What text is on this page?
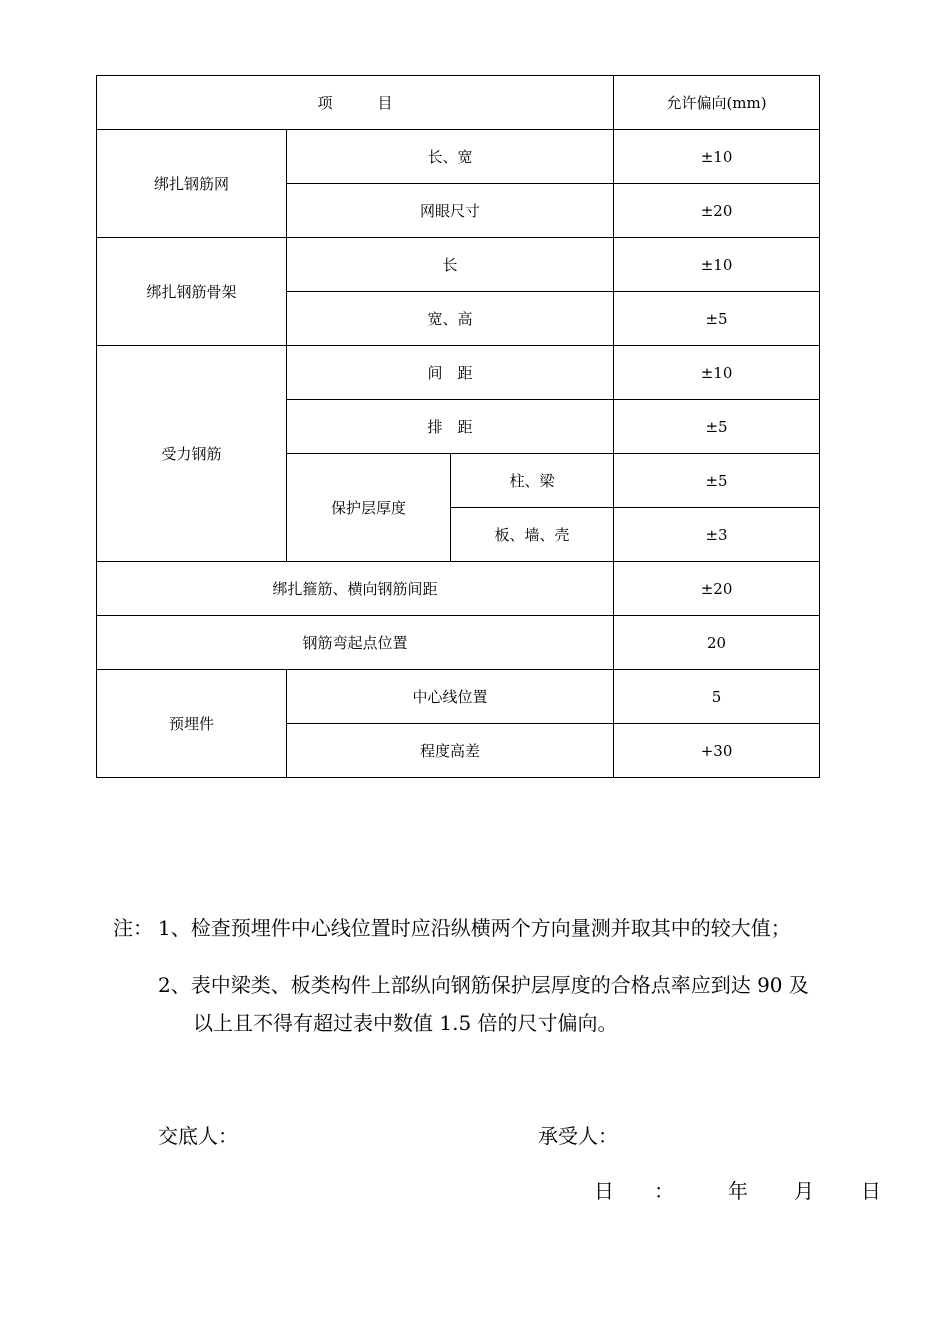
项　　　目			允许偏向(mm)
绑扎钢筋网	长、宽		±10
	网眼尺寸		±20
绑扎钢筋骨架	长		±10
	宽、高		±5
受力钢筋	间　距		±10
	排　距		±5
	保护层厚度	柱、梁	±5
		板、墙、壳	±3
绑扎箍筋、横向钢筋间距			±20
钢筋弯起点位置			20
预埋件	中心线位置		5
	程度高差		+30
注： 1、检查预埋件中心线位置时应沿纵横两个方向量测并取其中的较大值；
2、表中梁类、板类构件上部纵向钢筋保护层厚度的合格点率应到达 90 及
以上且不得有超过表中数值 1.5 倍的尺寸偏向。
交底人：	承受人：
日　　：	年 月 日
